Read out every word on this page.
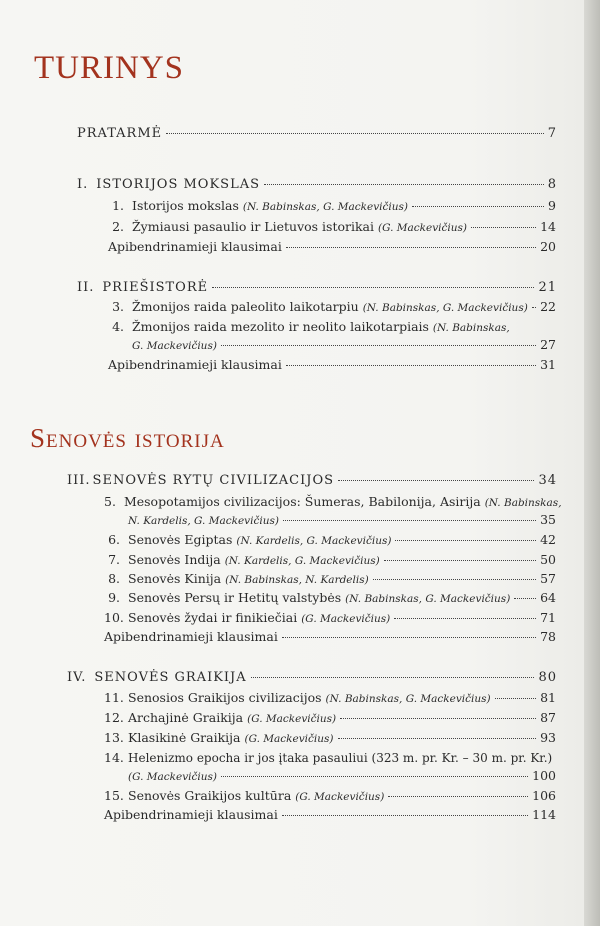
TURINYS
PRATARMĖ	7
I. ISTORIJOS MOKSLAS	8
1. Istorijos mokslas (N. Babinskas, G. Mackevičius)	9
2. Žymiausi pasaulio ir Lietuvos istorikai (G. Mackevičius)	14
Apibendrinamieji klausimai	20
II. PRIEŠISTORĖ	21
3. Žmonijos raida paleolito laikotarpiu (N. Babinskas, G. Mackevičius) 22
4. Žmonijos raida mezolito ir neolito laikotarpiais (N. Babinskas,
G. Mackevičius)	27
Apibendrinamieji klausimai	31
Senovės istorija
III. SENOVĖS RYTŲ CIVILIZACIJOS	34
5. Mesopotamijos civilizacijos: Šumeras, Babilonija, Asirija (N. Babinskas,
N. Kardelis, G. Mackevičius)	35
6. Senovės Egiptas (N. Kardelis, G. Mackevičius)	42
7. Senovės Indija (N. Kardelis, G. Mackevičius)	50
8. Senovės Kinija (N. Babinskas, N. Kardelis)	57
9. Senovės Persų ir Hetitų valstybės (N. Babinskas, G. Mackevičius) 64
10. Senovės žydai ir finikiečiai (G. Mackevičius)	71
Apibendrinamieji klausimai	78
IV. SENOVĖS GRAIKIJA	80
11. Senosios Graikijos civilizacijos (N. Babinskas, G. Mackevičius)	81
12. Archajinė Graikija (G. Mackevičius)	87
13. Klasikinė Graikija (G. Mackevičius)	93
14. Helenizmo epocha ir jos įtaka pasauliui (323 m. pr. Kr. – 30 m. pr. Kr.)
(G. Mackevičius)	100
15. Senovės Graikijos kultūra (G. Mackevičius)	106
Apibendrinamieji klausimai	114
